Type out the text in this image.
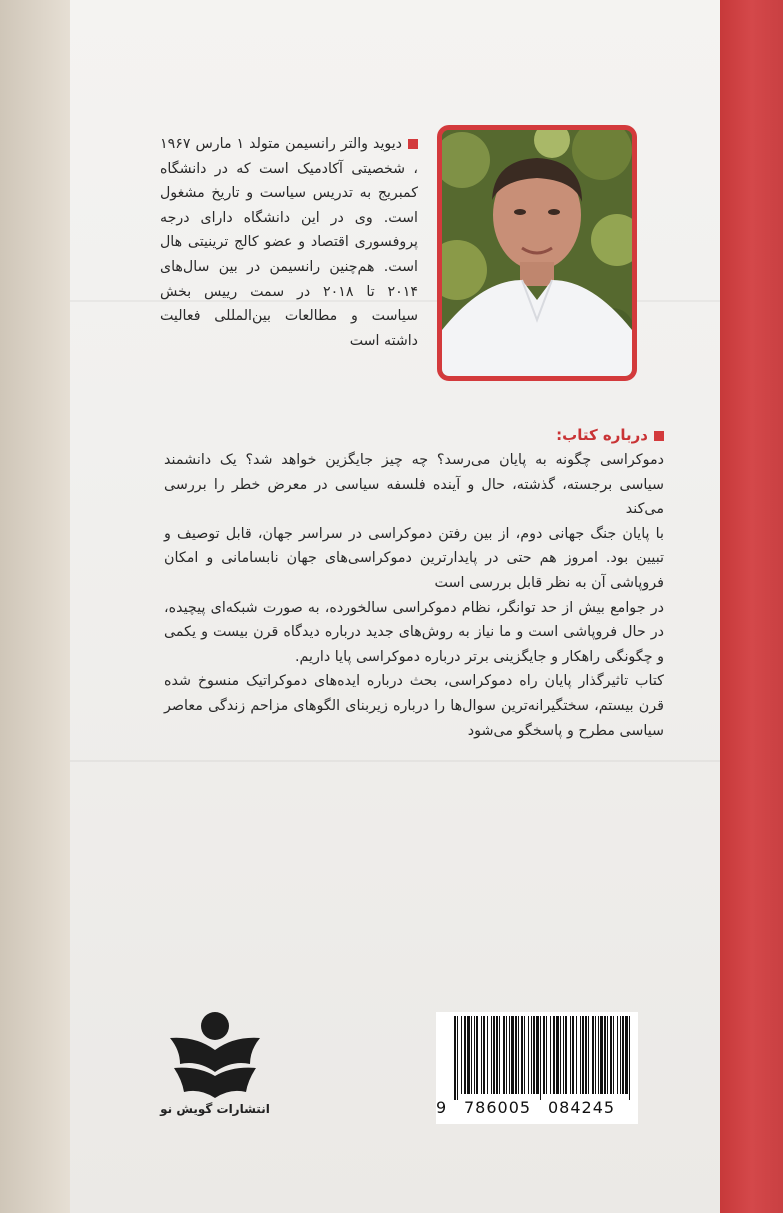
دیوید والتر رانسیمن متولد ۱ مارس ۱۹۶۷ ، شخصیتی آکادمیک است که در دانشگاه کمبریج به تدریس سیاست و تاریخ مشغول است. وی در این دانشگاه دارای درجه پروفسوری اقتصاد و عضو کالج ترینیتی هال است. هم‌چنین رانسیمن در بین سال‌های ۲۰۱۴ تا ۲۰۱۸ در سمت رییس بخش سیاست و مطالعات بین‌المللی فعالیت داشته است
درباره کتاب:

دموکراسی چگونه به پایان می‌رسد؟ چه چیز جایگزین خواهد شد؟ یک دانشمند سیاسی برجسته، گذشته، حال و آینده فلسفه سیاسی در معرض خطر را بررسی می‌کند

با پایان جنگ جهانی دوم، از بین رفتن دموکراسی در سراسر جهان، قابل توصیف و تبیین بود. امروز هم حتی در پایدارترین دموکراسی‌های جهان نابسامانی و امکان فروپاشی آن به نظر قابل بررسی است

در جوامع بیش از حد توانگر، نظام دموکراسی سالخورده، به صورت شبکه‌ای پیچیده، در حال فروپاشی است و ما نیاز به روش‌های جدید درباره دیدگاه قرن بیست و یکمی و چگونگی راهکار و جایگزینی برتر درباره دموکراسی پایا داریم.

کتاب تاثیرگذار پایان راه دموکراسی، بحث درباره ایده‌های دموکراتیک منسوخ شده قرن بیستم، سختگیرانه‌ترین سوال‌ها را درباره زیربنای الگوهای مزاحم زندگی معاصر سیاسی مطرح و پاسخگو می‌شود

انتشارات گویش نو	9 786005 084245
